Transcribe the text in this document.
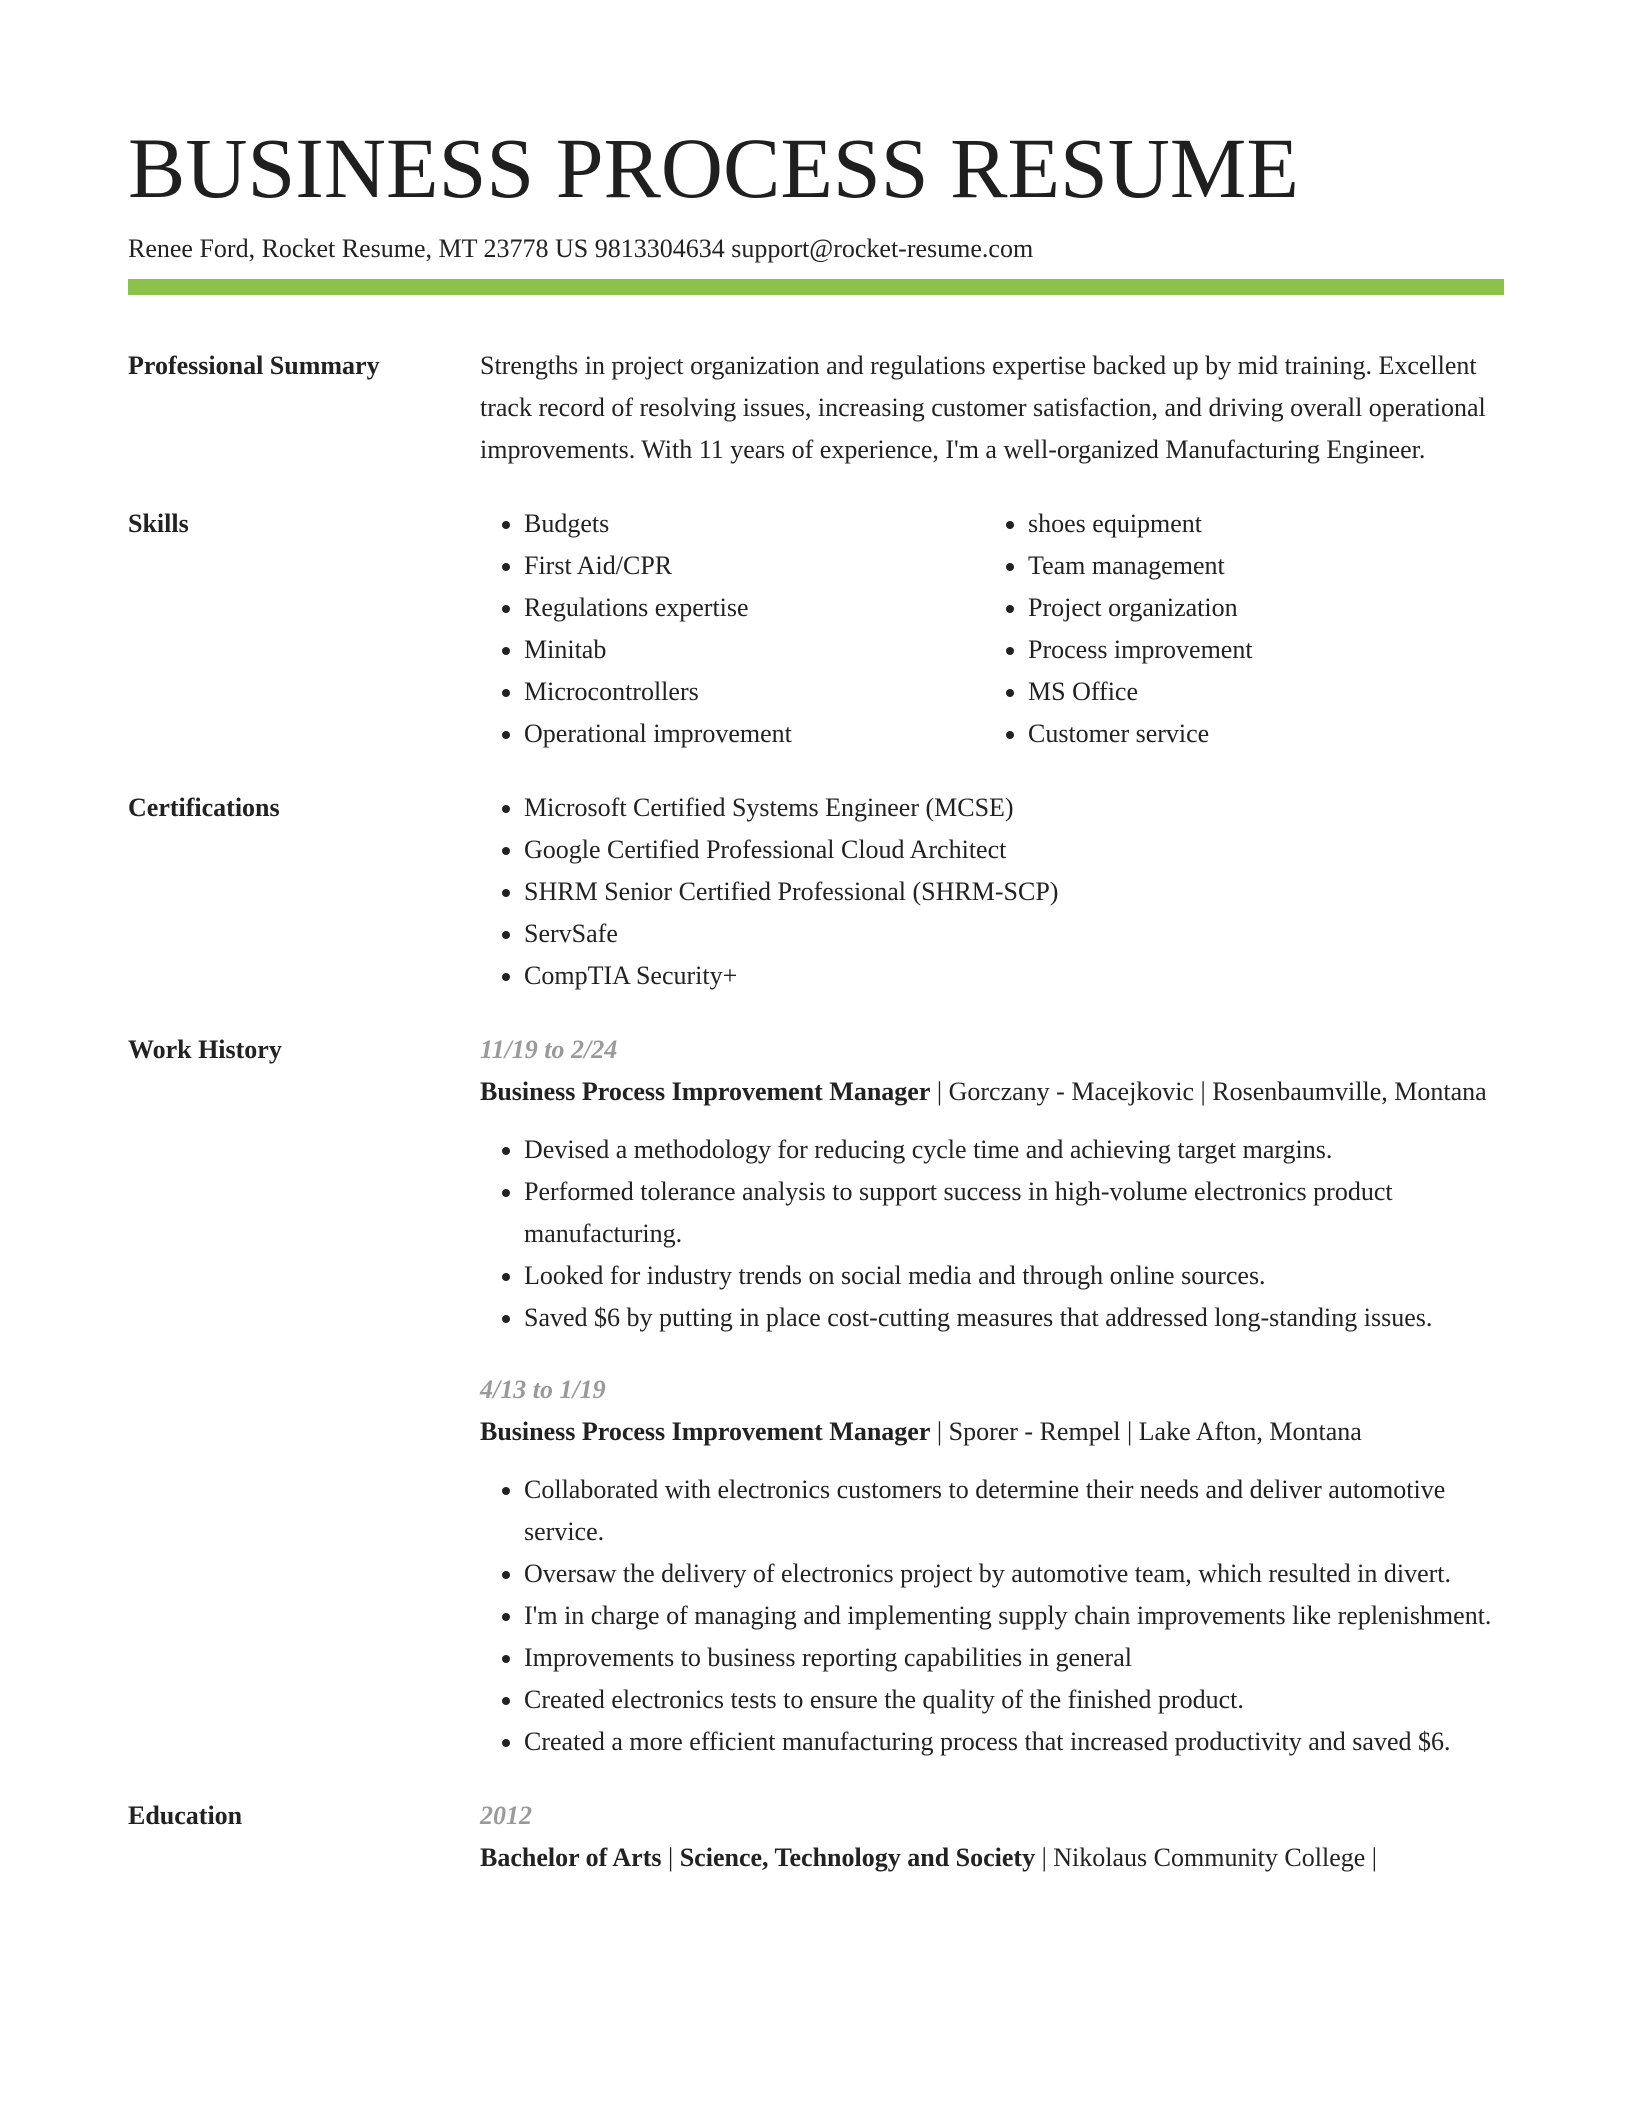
BUSINESS PROCESS RESUME
Renee Ford, Rocket Resume, MT 23778 US 9813304634 support@rocket-resume.com
Professional Summary	Strengths in project organization and regulations expertise backed up by mid training. Excellent track record of resolving issues, increasing customer satisfaction, and driving overall operational improvements. With 11 years of experience, I'm a well-organized Manufacturing Engineer.

Skills	• Budgets
• First Aid/CPR
• Regulations expertise
• Minitab
• Microcontrollers
• Operational improvement
• shoes equipment
• Team management
• Project organization
• Process improvement
• MS Office
• Customer service
Certifications	• Microsoft Certified Systems Engineer (MCSE)
• Google Certified Professional Cloud Architect
• SHRM Senior Certified Professional (SHRM-SCP)
• ServSafe
• CompTIA Security+
Work History	11/19 to 2/24
Business Process Improvement Manager | Gorczany - Macejkovic | Rosenbaumville, Montana
• Devised a methodology for reducing cycle time and achieving target margins.
• Performed tolerance analysis to support success in high-volume electronics product manufacturing.
• Looked for industry trends on social media and through online sources.
• Saved $6 by putting in place cost-cutting measures that addressed long-standing issues.
4/13 to 1/19
Business Process Improvement Manager | Sporer - Rempel | Lake Afton, Montana
• Collaborated with electronics customers to determine their needs and deliver automotive service.
• Oversaw the delivery of electronics project by automotive team, which resulted in divert.
• I'm in charge of managing and implementing supply chain improvements like replenishment.
• Improvements to business reporting capabilities in general
• Created electronics tests to ensure the quality of the finished product.
• Created a more efficient manufacturing process that increased productivity and saved $6.
Education	2012
Bachelor of Arts | Science, Technology and Society | Nikolaus Community College |
